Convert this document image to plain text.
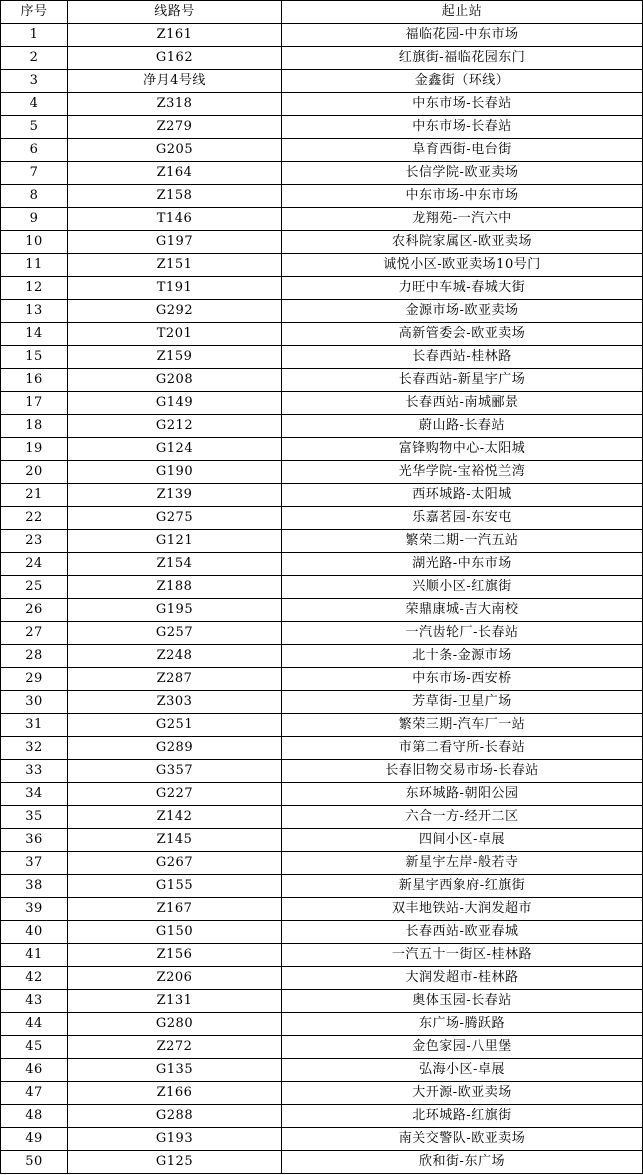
序号	线路号	起止站
1	Z161	福临花园-中东市场
2	G162	红旗街-福临花园东门
3	净月4号线	金鑫街（环线）
4	Z318	中东市场-长春站
5	Z279	中东市场-长春站
6	G205	阜育西街-电台街
7	Z164	长信学院-欧亚卖场
8	Z158	中东市场-中东市场
9	T146	龙翔苑-一汽六中
10	G197	农科院家属区-欧亚卖场
11	Z151	诚悦小区-欧亚卖场10号门
12	T191	力旺中车城-春城大街
13	G292	金源市场-欧亚卖场
14	T201	高新管委会-欧亚卖场
15	Z159	长春西站-桂林路
16	G208	长春西站-新星宇广场
17	G149	长春西站-南城郦景
18	G212	蔚山路-长春站
19	G124	富锋购物中心-太阳城
20	G190	光华学院-宝裕悦兰湾
21	Z139	西环城路-太阳城
22	G275	乐嘉茗园-东安屯
23	G121	繁荣二期-一汽五站
24	Z154	湖光路-中东市场
25	Z188	兴顺小区-红旗街
26	G195	荣鼎康城-吉大南校
27	G257	一汽齿轮厂-长春站
28	Z248	北十条-金源市场
29	Z287	中东市场-西安桥
30	Z303	芳草街-卫星广场
31	G251	繁荣三期-汽车厂一站
32	G289	市第二看守所-长春站
33	G357	长春旧物交易市场-长春站
34	G227	东环城路-朝阳公园
35	Z142	六合一方-经开二区
36	Z145	四间小区-卓展
37	G267	新星宇左岸-般若寺
38	G155	新星宇西象府-红旗街
39	Z167	双丰地铁站-大润发超市
40	G150	长春西站-欧亚春城
41	Z156	一汽五十一街区-桂林路
42	Z206	大润发超市-桂林路
43	Z131	奥体玉园-长春站
44	G280	东广场-腾跃路
45	Z272	金色家园-八里堡
46	G135	弘海小区-卓展
47	Z166	大开源-欧亚卖场
48	G288	北环城路-红旗街
49	G193	南关交警队-欧亚卖场
50	G125	欣和街-东广场
